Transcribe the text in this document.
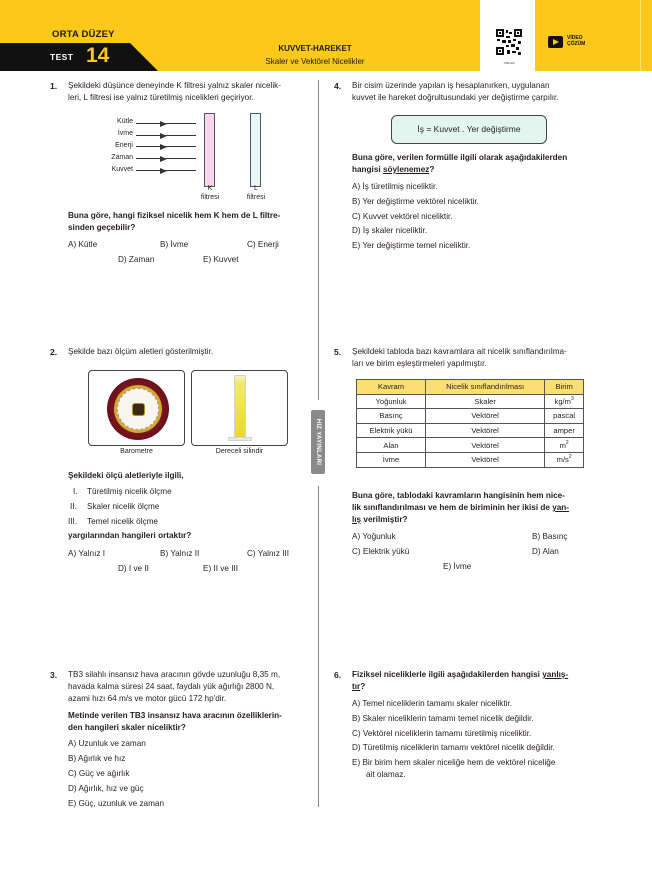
ORTA DÜZEY
TEST 14	KUVVET-HAREKET
Skaler ve Vektörel Nicelikler	7990-E0
VİDEO
ÇÖZÜM
HIZ YAYINLARI
1. Şekildeki düşünce deneyinde K filtresi yalnız skaler nicelik-
leri, L filtresi ise yalnız türetilmiş nicelikleri geçiriyor.
Kütle
İvme
Enerji
Zaman
Kuvvet
K
filtresi
L
filtresi
Buna göre, hangi fiziksel nicelik hem K hem de L filtre-
sinden geçebilir?
A) Kütle	B) İvme	C) Enerji
D) Zaman	E) Kuvvet
2. Şekilde bazı ölçüm aletleri gösterilmiştir.
Barometre	Dereceli silindir
Şekildeki ölçü aletleriyle ilgili,
I. Türetilmiş nicelik ölçme
II. Skaler nicelik ölçme
III. Temel nicelik ölçme
yargılarından hangileri ortaktır?
A) Yalnız I	B) Yalnız II	C) Yalnız III
D) I ve II	E) II ve III
3. TB3 silahlı insansız hava aracının gövde uzunluğu 8,35 m,
havada kalma süresi 24 saat, faydalı yük ağırlığı 2800 N,
azami hızı 64 m/s ve motor gücü 172 hp'dir.
Metinde verilen TB3 insansız hava aracının özelliklerin-
den hangileri skaler niceliktir?
A) Uzunluk ve zaman
B) Ağırlık ve hız
C) Güç ve ağırlık
D) Ağırlık, hız ve güç
E) Güç, uzunluk ve zaman
4. Bir cisim üzerinde yapılan iş hesaplanırken, uygulanan
kuvvet ile hareket doğrultusundaki yer değiştirme çarpılır.
İş = Kuvvet . Yer değiştirme
Buna göre, verilen formülle ilgili olarak aşağıdakilerden
hangisi söylenemez?
A) İş türetilmiş niceliktir.
B) Yer değiştirme vektörel niceliktir.
C) Kuvvet vektörel niceliktir.
D) İş skaler niceliktir.
E) Yer değiştirme temel niceliktir.
5. Şekildeki tabloda bazı kavramlara ait nicelik sınıflandırılma-
ları ve birim eşleştirmeleri yapılmıştır.
Kavram	Nicelik sınıflandırılması	Birim
Yoğunluk	Skaler	$kg/m^3$
Basınç	Vektörel	pascal
Elektrik yükü	Vektörel	amper
Alan	Vektörel	$m^2$
İvme	Vektörel	$m/s^2$
Buna göre, tablodaki kavramların hangisinin hem nice-
lik sınıflandırılması ve hem de biriminin her ikisi de yan-
lış verilmiştir?
A) Yoğunluk	B) Basınç
C) Elektrik yükü	D) Alan
E) İvme
6. Fiziksel niceliklerle ilgili aşağıdakilerden hangisi yanlış-
tır?
A) Temel niceliklerin tamamı skaler niceliktir.
B) Skaler niceliklerin tamamı temel nicelik değildir.
C) Vektörel niceliklerin tamamı türetilmiş niceliktir.
D) Türetilmiş niceliklerin tamamı vektörel nicelik değildir.
E) Bir birim hem skaler niceliğe hem de vektörel niceliğe
ait olamaz.
